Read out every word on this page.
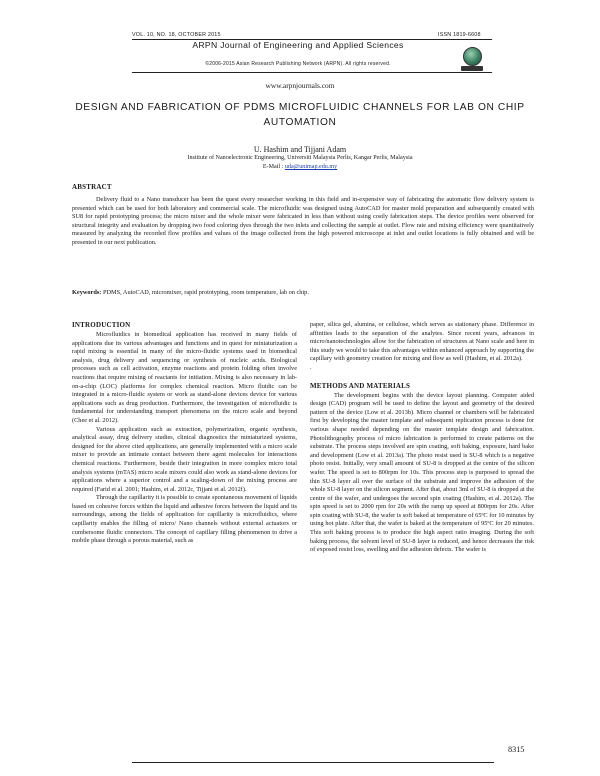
VOL. 10, NO. 18, OCTOBER 2015	ISSN 1819-6608
ARPN Journal of Engineering and Applied Sciences
©2006-2015 Asian Research Publishing Network (ARPN). All rights reserved.
www.arpnjournals.com
DESIGN AND FABRICATION OF PDMS MICROFLUIDIC CHANNELS FOR LAB ON CHIP AUTOMATION
U. Hashim and Tijjani Adam
Institute of Nanoelectronic Engineering, Universiti Malaysia Perlis, Kangar Perlis, Malaysia
E-Mail : uda@unimap.edu.my
ABSTRACT
Delivery fluid to a Nano transducer has been the quest every researcher working in this field and in-expensive way of fabricating the automatic flow delivery system is presented which can be used for both laboratory and commercial scale. The microfluidic was designed using AutoCAD for master mold preparation and subsequently created with SU8 for rapid prototyping process; the micro mixer and the whole mixer were fabricated in less than without using costly fabrication steps. The device profiles were observed for structural integrity and evaluation by dropping two food coloring dyes through the two inlets and collecting the sample at outlet. Flow rate and mixing efficiency were quantitatively measured by analyzing the recorded flow profiles and values of the image collected from the high powered microscope at inlet and outlet locations is fully obtained and will be presented in our next publication.
Keywords: PDMS, AutoCAD, micromixer, rapid prototyping, room temperature, lab on chip.
INTRODUCTION

Microfluidics in biomedical application has received in many fields of applications due its various advantages and functions and in quest for miniaturization a rapid mixing is essential in many of the micro-fluidic systems used in biomedical analysis, drug delivery and sequencing or synthesis of nucleic acids. Biological processes such as cell activation, enzyme reactions and protein folding often involve reactions that require mixing of reactants for initiation. Mixing is also necessary in lab-on-a-chip (LOC) platforms for complex chemical reaction. Micro fluidic can be integrated in a micro-fluidic system or work as stand-alone devices device for various applications such as drug production. Furthermore, the investigation of microfluidic is fundamental for understanding transport phenomena on the micro scale and beyond (Chee et al. 2012).

Various application such as extraction, polymerization, organic synthesis, analytical assay, drug delivery studies, clinical diagnostics the miniaturized systems, designed for the above cited applications, are generally implemented with a micro scale mixer to provide an intimate contact between there agent molecules for interactions chemical reactions. Furthermore, beside their integration in more complex micro total analysis systems (mTAS) micro scale mixers could also work as stand-alone devices for applications where a superior control and a scaling-down of the mixing process are required (Farid et al. 2001; Hashim, et al. 2012c, Tijjani et al. 2012f).

Through the capillarity it is possible to create spontaneous movement of liquids based on cohesive forces within the liquid and adhesive forces between the liquid and its surroundings, among the fields of application for capillarity is microfluidics, where capillarity enables the filling of micro/ Nano channels without external actuators or cumbersome fluidic connectors. The concept of capillary filling phenomenon to drive a mobile phase through a porous material, such as

paper, silica gel, alumina, or cellulose, which serves as stationary phase. Difference in affinities leads to the separation of the analytes. Since recent years, advances in micro/nanotechnologies allow for the fabrication of structures at Nano scale and here in this study we would to take this advantages within enhanced approach by supporting the capillary with geometry creation for mixing and flow as well (Hashim, et al. 2012a).

.

METHODS AND MATERIALS

The development begins with the device layout planning. Computer aided design (CAD) program will be used to define the layout and geometry of the desired pattern of the device (Low et al. 2013b). Micro channel or chambers will be fabricated first by developing the master template and subsequent replication process is done for various shape needed depending on the master template design and fabrication. Photolithography process of micro fabrication is performed to create patterns on the substrate. The process steps involved are spin coating, soft baking, exposure, hard bake and development (Low et al. 2013a). The photo resist used is SU-8 which is a negative photo resist. Initially, very small amount of SU-8 is dropped at the centre of the silicon wafer. The speed is set to 800rpm for 10s. This process step is purposed to spread the thin SU-8 layer all over the surface of the substrate and improve the adhesion of the whole SU-8 layer on the silicon segment. After that, about 3ml of SU-8 is dropped at the centre of the wafer, and undergoes the second spin coating (Hashim, et al. 2012a). The spin speed is set to 2000 rpm for 20s with the ramp up speed at 800rpm for 20s. After spin coating with SU-8, the wafer is soft baked at temperature of 65ºC for 10 minutes by using hot plate. After that, the wafer is baked at the temperature of 95ºC for 20 minutes. This soft baking process is to produce the high aspect ratio imaging. During the soft baking process, the solvent level of SU-8 layer is reduced, and hence decreases the risk of exposed resist loss, swelling and the adhesion defects. The wafer is

8315
